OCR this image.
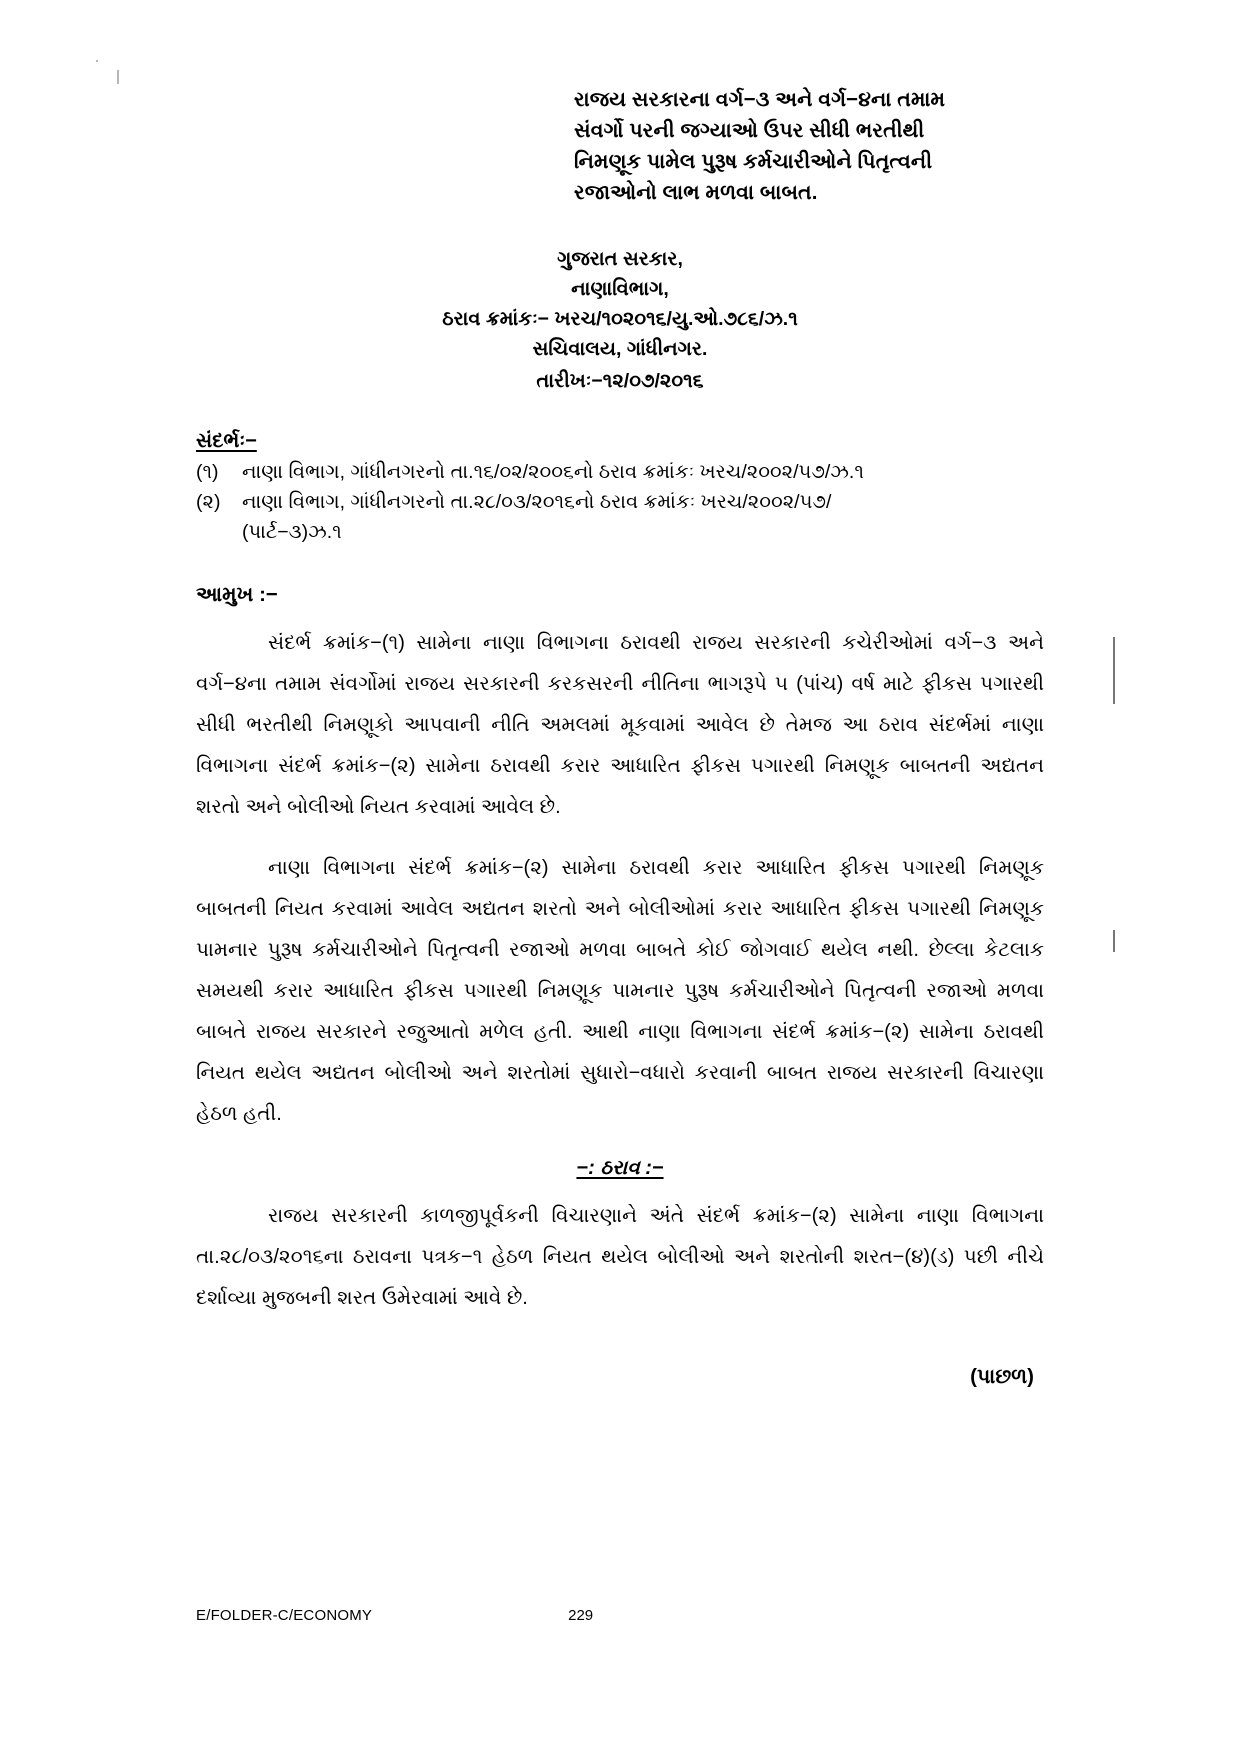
રાજય સરકારના વર્ગ−૩ અને વર્ગ−૪ના તમામ
સંવર્ગો પરની જગ્યાઓ ઉપર સીધી ભરતીથી
નિમણૂક પામેલ પુરૂષ કર્મચારીઓને પિતૃત્વની
રજાઓનો લાભ મળવા બાબત.
ગુજરાત સરકાર,
નાણાવિભાગ,
ઠરાવ ક્રમાંકઃ− ખરચ/૧૦૨૦૧૬/યુ.ઓ.૭૮૬/ઝ.૧
સચિવાલય, ગાંધીનગર.
તારીખઃ−૧૨/૦૭/૨૦૧૬
સંદર્ભઃ−
(૧)	નાણા વિભાગ, ગાંધીનગરનો તા.૧૬/૦૨/૨૦૦૬નો ઠરાવ ક્રમાંકઃ ખરચ/૨૦૦૨/૫૭/ઝ.૧
(૨)	નાણા વિભાગ, ગાંધીનગરનો તા.૨૮/૦૩/૨૦૧૬નો ઠરાવ ક્રમાંકઃ ખરચ/૨૦૦૨/૫૭/
(પાર્ટ−૩)ઝ.૧
આમુખ :−

સંદર્ભ ક્રમાંક−(૧) સામેના નાણા વિભાગના ઠરાવથી રાજય સરકારની કચેરીઓમાં વર્ગ−૩ અને વર્ગ−૪ના તમામ સંવર્ગોમાં રાજય સરકારની કરકસરની નીતિના ભાગરૂપે ૫ (પાંચ) વર્ષ માટે ફીકસ પગારથી સીધી ભરતીથી નિમણૂકો આપવાની નીતિ અમલમાં મૂકવામાં આવેલ છે તેમજ આ ઠરાવ સંદર્ભમાં નાણા વિભાગના સંદર્ભ ક્રમાંક−(૨) સામેના ઠરાવથી કરાર આધારિત ફીકસ પગારથી નિમણૂક બાબતની અદ્યતન શરતો અને બોલીઓ નિયત કરવામાં આવેલ છે.

નાણા વિભાગના સંદર્ભ ક્રમાંક−(૨) સામેના ઠરાવથી કરાર આધારિત ફીકસ પગારથી નિમણૂક બાબતની નિયત કરવામાં આવેલ અદ્યતન શરતો અને બોલીઓમાં કરાર આધારિત ફીકસ પગારથી નિમણૂક પામનાર પુરૂષ કર્મચારીઓને પિતૃત્વની રજાઓ મળવા બાબતે કોઈ જોગવાઈ થયેલ નથી. છેલ્લા કેટલાક સમયથી કરાર આધારિત ફીકસ પગારથી નિમણૂક પામનાર પુરૂષ કર્મચારીઓને પિતૃત્વની રજાઓ મળવા બાબતે રાજય સરકારને રજુઆતો મળેલ હતી. આથી નાણા વિભાગના સંદર્ભ ક્રમાંક−(૨) સામેના ઠરાવથી નિયત થયેલ અદ્યતન બોલીઓ અને શરતોમાં સુધારો−વધારો કરવાની બાબત રાજય સરકારની વિચારણા હેઠળ હતી.

−: ઠરાવ :−

રાજય સરકારની કાળજીપૂર્વકની વિચારણાને અંતે સંદર્ભ ક્રમાંક−(૨) સામેના નાણા વિભાગના તા.૨૮/૦૩/૨૦૧૬ના ઠરાવના પત્રક−૧ હેઠળ નિયત થયેલ બોલીઓ અને શરતોની શરત−(૪)(ડ) પછી નીચે દર્શાવ્યા મુજબની શરત ઉમેરવામાં આવે છે.

(પાછળ)
E/FOLDER-C/ECONOMY	229
